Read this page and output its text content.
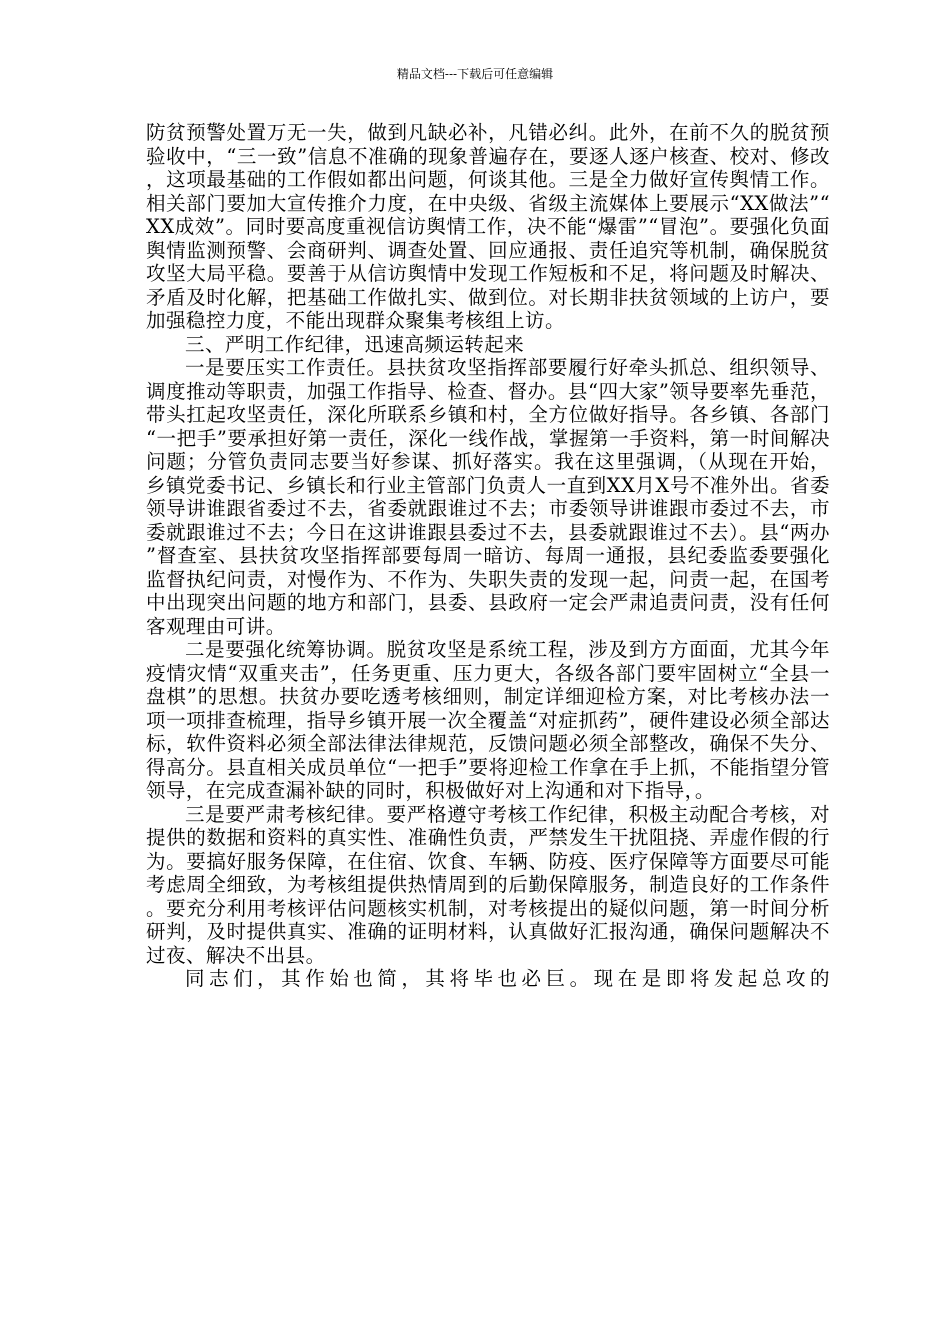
精品文档---下载后可任意编辑

防贫预警处置万无一失，做到凡缺必补，凡错必纠。此外，在前不久的脱贫预验收中，“三一致”信息不准确的现象普遍存在，要逐人逐户核查、校对、修改，这项最基础的工作假如都出问题，何谈其他。三是全力做好宣传舆情工作。相关部门要加大宣传推介力度，在中央级、省级主流媒体上要展示“XX做法”“XX成效”。同时要高度重视信访舆情工作，决不能“爆雷”“冒泡”。要强化负面舆情监测预警、会商研判、调查处置、回应通报、责任追究等机制，确保脱贫攻坚大局平稳。要善于从信访舆情中发现工作短板和不足，将问题及时解决、矛盾及时化解，把基础工作做扎实、做到位。对长期非扶贫领域的上访户，要加强稳控力度，不能出现群众聚集考核组上访。

三、严明工作纪律，迅速高频运转起来

一是要压实工作责任。县扶贫攻坚指挥部要履行好牵头抓总、组织领导、调度推动等职责，加强工作指导、检查、督办。县“四大家”领导要率先垂范，带头扛起攻坚责任，深化所联系乡镇和村，全方位做好指导。各乡镇、各部门“一把手”要承担好第一责任，深化一线作战，掌握第一手资料，第一时间解决问题；分管负责同志要当好参谋、抓好落实。我在这里强调，（从现在开始，乡镇党委书记、乡镇长和行业主管部门负责人一直到XX月X号不准外出。省委领导讲谁跟省委过不去，省委就跟谁过不去；市委领导讲谁跟市委过不去，市委就跟谁过不去；今日在这讲谁跟县委过不去，县委就跟谁过不去）。县“两办”督查室、县扶贫攻坚指挥部要每周一暗访、每周一通报，县纪委监委要强化监督执纪问责，对慢作为、不作为、失职失责的发现一起，问责一起，在国考中出现突出问题的地方和部门，县委、县政府一定会严肃追责问责，没有任何客观理由可讲。

二是要强化统筹协调。脱贫攻坚是系统工程，涉及到方方面面，尤其今年疫情灾情“双重夹击”，任务更重、压力更大，各级各部门要牢固树立“全县一盘棋”的思想。扶贫办要吃透考核细则，制定详细迎检方案，对比考核办法一项一项排查梳理，指导乡镇开展一次全覆盖“对症抓药”，硬件建设必须全部达标，软件资料必须全部法律法律规范，反馈问题必须全部整改，确保不失分、得高分。县直相关成员单位“一把手”要将迎检工作拿在手上抓，不能指望分管领导，在完成查漏补缺的同时，积极做好对上沟通和对下指导，。

三是要严肃考核纪律。要严格遵守考核工作纪律，积极主动配合考核，对提供的数据和资料的真实性、准确性负责，严禁发生干扰阻挠、弄虚作假的行为。要搞好服务保障，在住宿、饮食、车辆、防疫、医疗保障等方面要尽可能考虑周全细致，为考核组提供热情周到的后勤保障服务，制造良好的工作条件。要充分利用考核评估问题核实机制，对考核提出的疑似问题，第一时间分析研判，及时提供真实、准确的证明材料，认真做好汇报沟通，确保问题解决不过夜、解决不出县。

同志们，其作始也简，其将毕也必巨。现在是即将发起总攻的
